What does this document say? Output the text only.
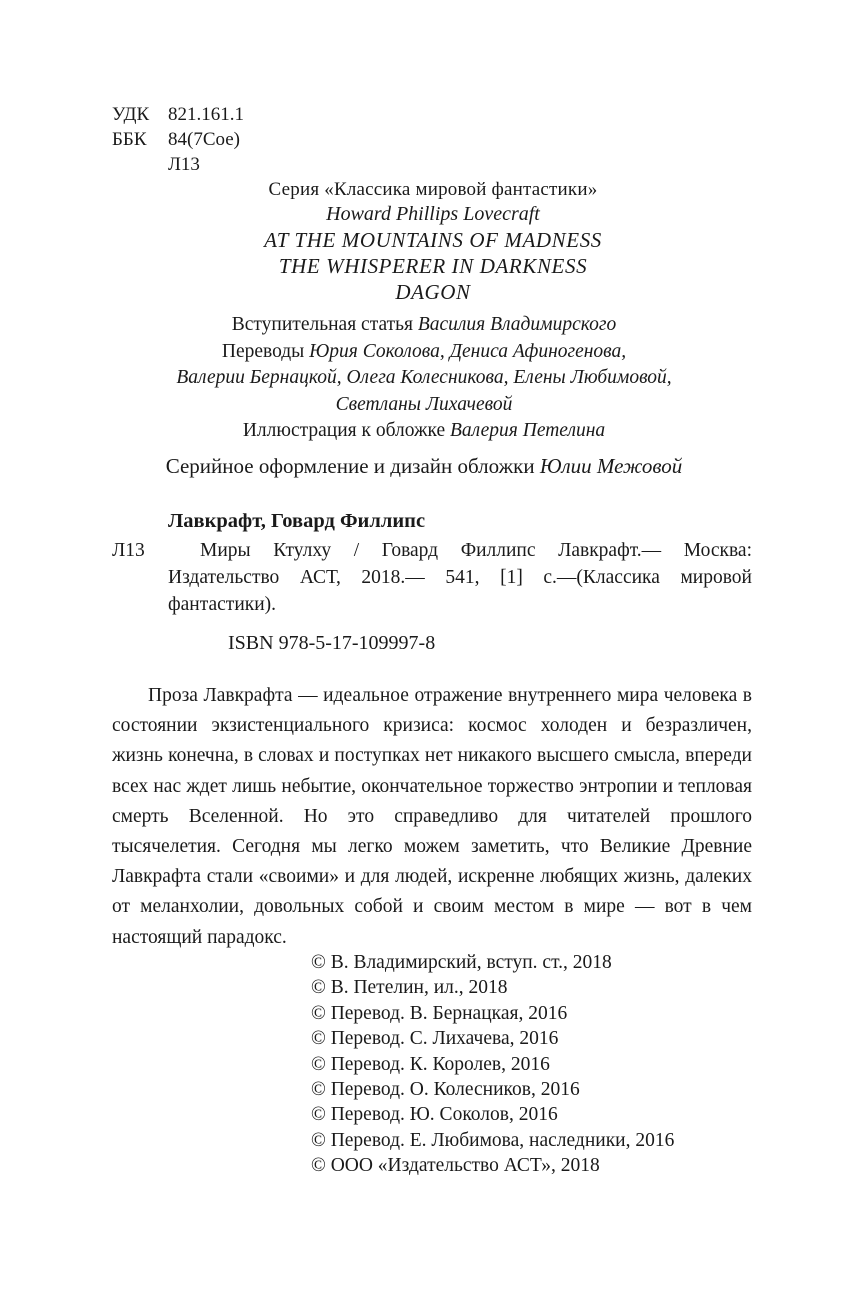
УДК 821.161.1
ББК	84(7Сое)
Л13
Серия «Классика мировой фантастики»
Howard Phillips Lovecraft
AT THE MOUNTAINS OF MADNESS
THE WHISPERER IN DARKNESS
DAGON
Вступительная статья Василия Владимирского
Переводы Юрия Соколова, Дениса Афиногенова,
Валерии Бернацкой, Олега Колесникова, Елены Любимовой,
Светланы Лихачевой
Иллюстрация к обложке Валерия Петелина
Серийное оформление и дизайн обложки Юлии Межовой
Лавкрафт, Говард Филлипс
Л13	Миры Ктулху / Говард Филлипс Лавкрафт.— Москва: Издательство АСТ, 2018.— 541, [1] с.—(Классика мировой фантастики).
ISBN 978-5-17-109997-8
Проза Лавкрафта — идеальное отражение внутреннего мира человека в состоянии экзистенциального кризиса: космос холоден и безразличен, жизнь конечна, в словах и поступках нет никакого высшего смысла, впереди всех нас ждет лишь небытие, окончательное торжество энтропии и тепловая смерть Вселенной. Но это справедливо для читателей прошлого тысячелетия. Сегодня мы легко можем заметить, что Великие Древние Лавкрафта стали «своими» и для людей, искренне любящих жизнь, далеких от меланхолии, довольных собой и своим местом в мире — вот в чем настоящий парадокс.
© В. Владимирский, вступ. ст., 2018
© В. Петелин, ил., 2018
© Перевод. В. Бернацкая, 2016
© Перевод. С. Лихачева, 2016
© Перевод. К. Королев, 2016
© Перевод. О. Колесников, 2016
© Перевод. Ю. Соколов, 2016
© Перевод. Е. Любимова, наследники, 2016
© ООО «Издательство АСТ», 2018
